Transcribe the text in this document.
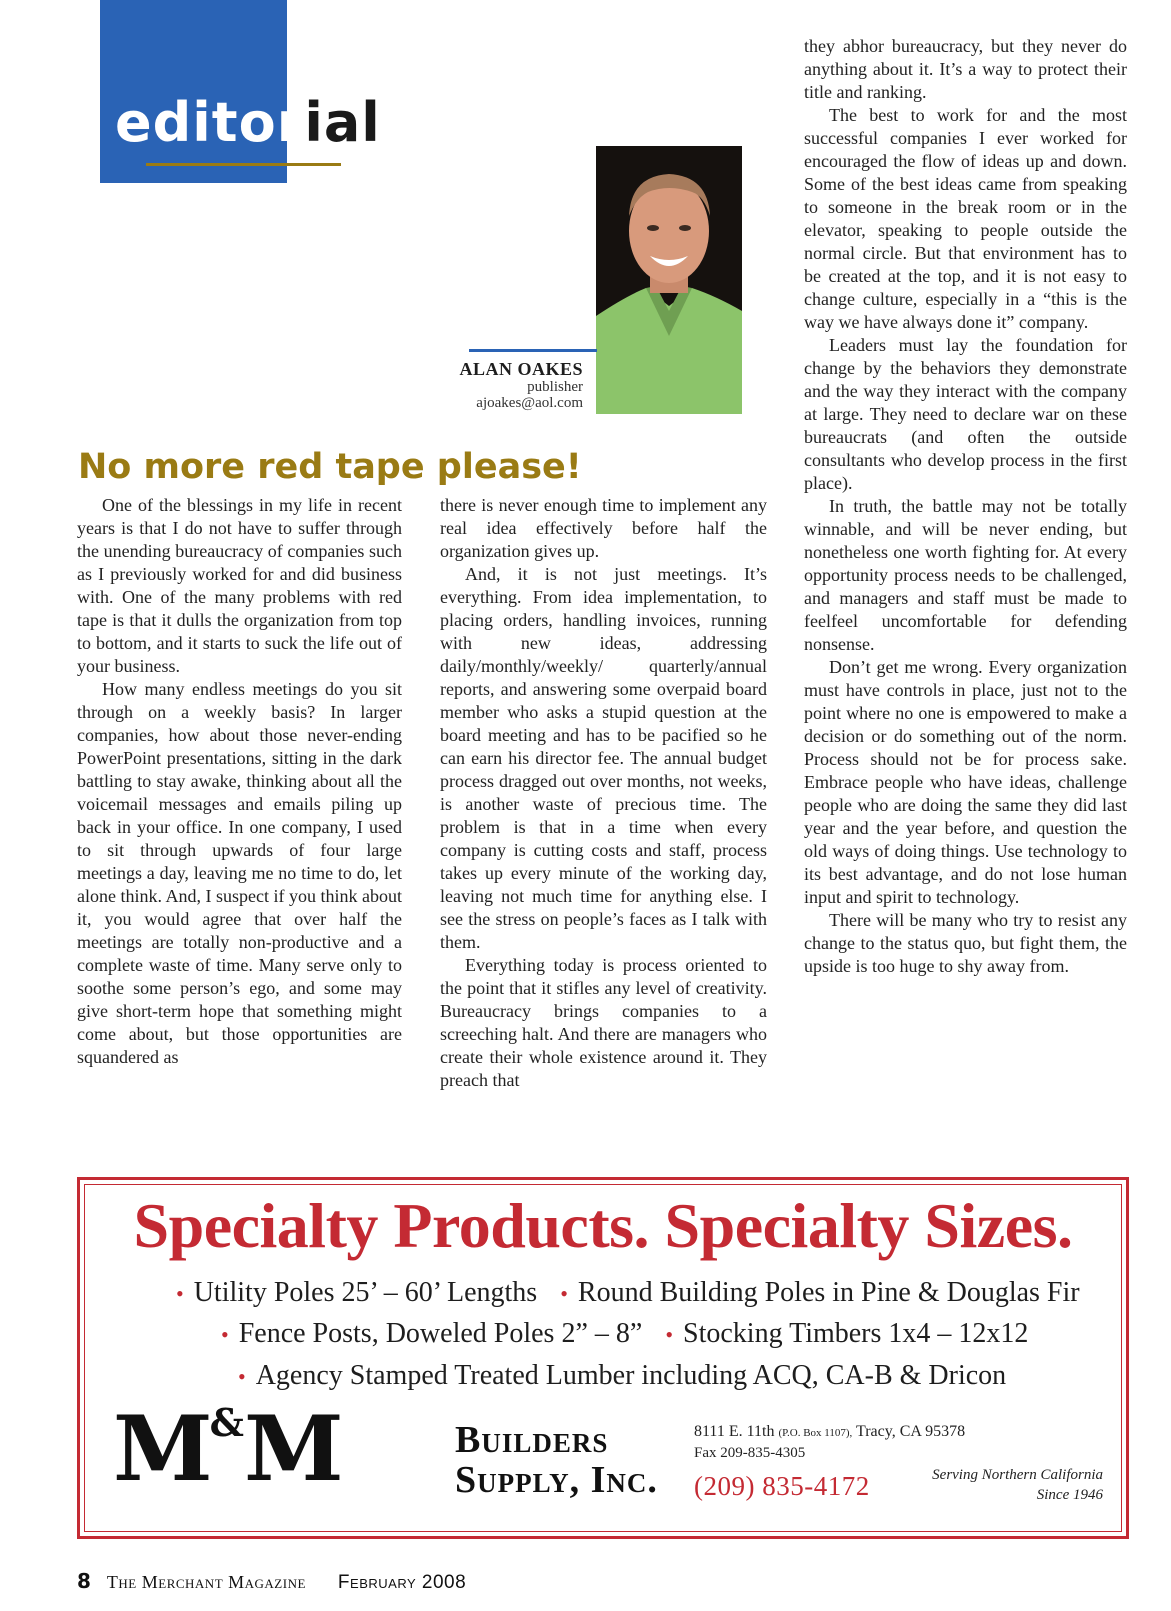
editorial
ALAN OAKES
publisher
ajoakes@aol.com
No more red tape please!

One of the blessings in my life in recent years is that I do not have to suffer through the unending bureaucracy of companies such as I previously worked for and did business with. One of the many problems with red tape is that it dulls the organization from top to bottom, and it starts to suck the life out of your business.

How many endless meetings do you sit through on a weekly basis? In larger companies, how about those never-ending PowerPoint presentations, sitting in the dark battling to stay awake, thinking about all the voicemail messages and emails piling up back in your office. In one company, I used to sit through upwards of four large meetings a day, leaving me no time to do, let alone think. And, I suspect if you think about it, you would agree that over half the meetings are totally non-productive and a complete waste of time. Many serve only to soothe some person’s ego, and some may give short-term hope that something might come about, but those opportunities are squandered as

there is never enough time to implement any real idea effectively before half the organization gives up.

And, it is not just meetings. It’s everything. From idea implementation, to placing orders, handling invoices, running with new ideas, addressing daily/monthly/weekly/ quarterly/annual reports, and answering some overpaid board member who asks a stupid question at the board meeting and has to be pacified so he can earn his director fee. The annual budget process dragged out over months, not weeks, is another waste of precious time. The problem is that in a time when every company is cutting costs and staff, process takes up every minute of the working day, leaving not much time for anything else. I see the stress on people’s faces as I talk with them.

Everything today is process oriented to the point that it stifles any level of creativity. Bureaucracy brings companies to a screeching halt. And there are managers who create their whole existence around it. They preach that

they abhor bureaucracy, but they never do anything about it. It’s a way to protect their title and ranking.

The best to work for and the most successful companies I ever worked for encouraged the flow of ideas up and down. Some of the best ideas came from speaking to someone in the break room or in the elevator, speaking to people outside the normal circle. But that environment has to be created at the top, and it is not easy to change culture, especially in a “this is the way we have always done it” company.

Leaders must lay the foundation for change by the behaviors they demonstrate and the way they interact with the company at large. They need to declare war on these bureaucrats (and often the outside consultants who develop process in the first place).

In truth, the battle may not be totally winnable, and will be never ending, but nonetheless one worth fighting for. At every opportunity process needs to be challenged, and managers and staff must be made to feelfeel uncomfortable for defending nonsense.

Don’t get me wrong. Every organization must have controls in place, just not to the point where no one is empowered to make a decision or do something out of the norm. Process should not be for process sake. Embrace people who have ideas, challenge people who are doing the same they did last year and the year before, and question the old ways of doing things. Use technology to its best advantage, and do not lose human input and spirit to technology.

There will be many who try to resist any change to the status quo, but fight them, the upside is too huge to shy away from.

Specialty Products. Specialty Sizes.
• Utility Poles 25’ – 60’ Lengths • Round Building Poles in Pine & Douglas Fir
• Fence Posts, Doweled Poles 2” – 8” • Stocking Timbers 1x4 – 12x12
• Agency Stamped Treated Lumber including ACQ, CA-B & Dricon
M&M	Builders
Supply, Inc.
8111 E. 11th (P.O. Box 1107), Tracy, CA 95378
Fax 209-835-4305
(209) 835-4172	Serving Northern California
Since 1946
8 The Merchant Magazine February 2008
